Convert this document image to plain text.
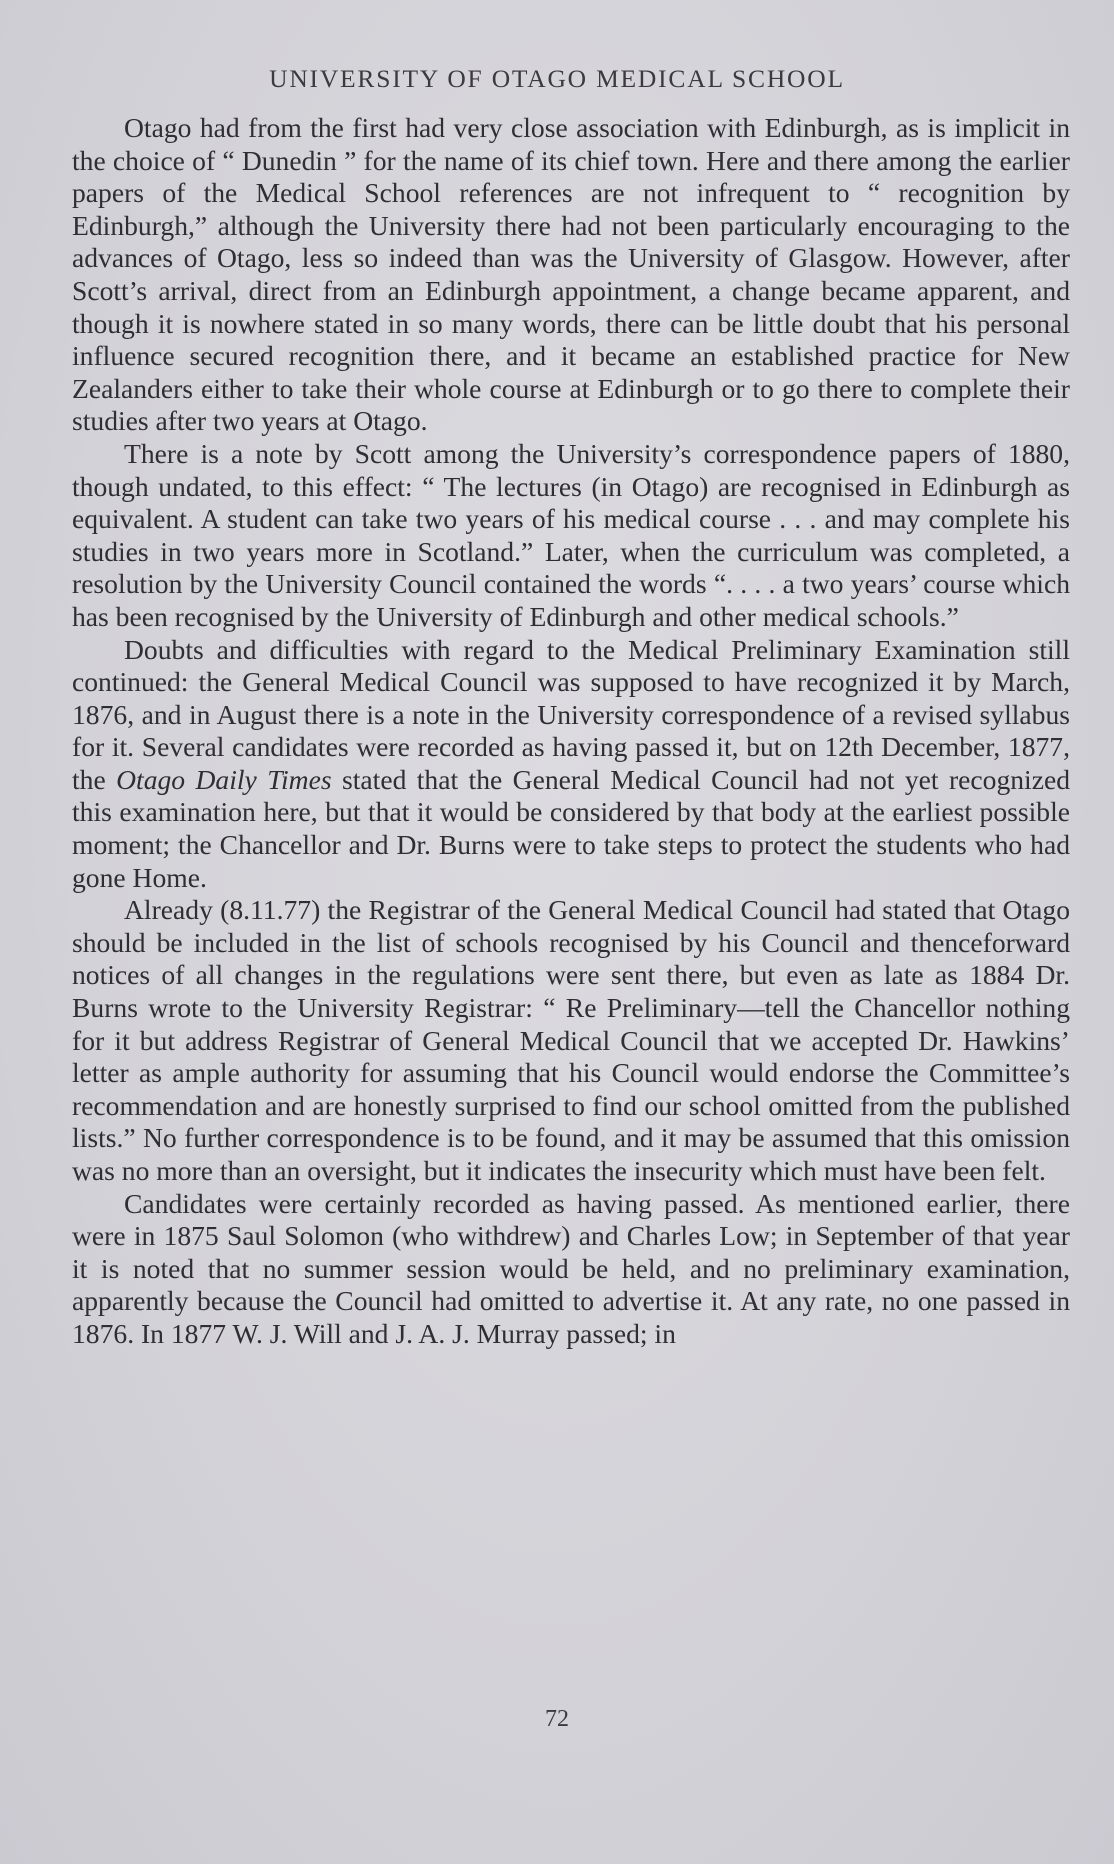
UNIVERSITY OF OTAGO MEDICAL SCHOOL

Otago had from the first had very close association with Edinburgh, as is implicit in the choice of “ Dunedin ” for the name of its chief town. Here and there among the earlier papers of the Medical School references are not infrequent to “ recognition by Edinburgh,” although the University there had not been particularly encouraging to the advances of Otago, less so indeed than was the University of Glasgow. However, after Scott’s arrival, direct from an Edinburgh appointment, a change became apparent, and though it is nowhere stated in so many words, there can be little doubt that his personal influence secured recognition there, and it became an established practice for New Zealanders either to take their whole course at Edinburgh or to go there to complete their studies after two years at Otago.

There is a note by Scott among the University’s correspondence papers of 1880, though undated, to this effect: “ The lectures (in Otago) are recognised in Edinburgh as equivalent. A student can take two years of his medical course . . . and may complete his studies in two years more in Scotland.” Later, when the curriculum was completed, a resolution by the University Council contained the words “. . . . a two years’ course which has been recognised by the University of Edinburgh and other medical schools.”

Doubts and difficulties with regard to the Medical Preliminary Examination still continued: the General Medical Council was supposed to have recognized it by March, 1876, and in August there is a note in the University correspondence of a revised syllabus for it. Several candidates were recorded as having passed it, but on 12th December, 1877, the Otago Daily Times stated that the General Medical Council had not yet recognized this examination here, but that it would be considered by that body at the earliest possible moment; the Chancellor and Dr. Burns were to take steps to protect the students who had gone Home.

Already (8.11.77) the Registrar of the General Medical Council had stated that Otago should be included in the list of schools recognised by his Council and thenceforward notices of all changes in the regulations were sent there, but even as late as 1884 Dr. Burns wrote to the University Registrar: “ Re Preliminary—tell the Chancellor nothing for it but address Registrar of General Medical Council that we accepted Dr. Hawkins’ letter as ample authority for assuming that his Council would endorse the Committee’s recommendation and are honestly surprised to find our school omitted from the published lists.” No further correspondence is to be found, and it may be assumed that this omission was no more than an oversight, but it indicates the insecurity which must have been felt.

Candidates were certainly recorded as having passed. As mentioned earlier, there were in 1875 Saul Solomon (who withdrew) and Charles Low; in September of that year it is noted that no summer session would be held, and no preliminary examination, apparently because the Council had omitted to advertise it. At any rate, no one passed in 1876. In 1877 W. J. Will and J. A. J. Murray passed; in

72
